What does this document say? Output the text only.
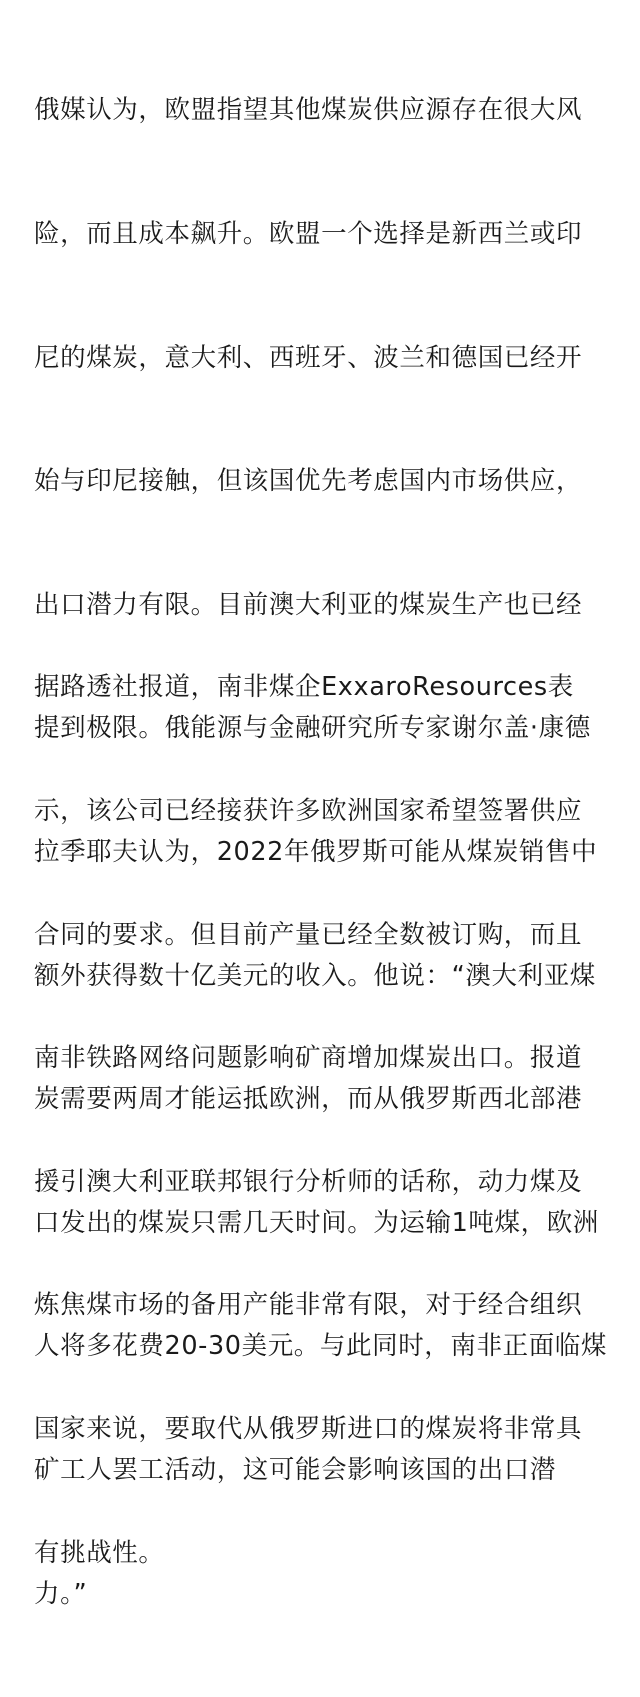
俄媒认为，欧盟指望其他煤炭供应源存在很大风

险，而且成本飙升。欧盟一个选择是新西兰或印

尼的煤炭，意大利、西班牙、波兰和德国已经开

始与印尼接触，但该国优先考虑国内市场供应，

出口潜力有限。目前澳大利亚的煤炭生产也已经

提到极限。俄能源与金融研究所专家谢尔盖·康德

拉季耶夫认为，2022年俄罗斯可能从煤炭销售中

额外获得数十亿美元的收入。他说：“澳大利亚煤

炭需要两周才能运抵欧洲，而从俄罗斯西北部港

口发出的煤炭只需几天时间。为运输1吨煤，欧洲

人将多花费20-30美元。与此同时，南非正面临煤

矿工人罢工活动，这可能会影响该国的出口潜

力。”

据路透社报道，南非煤企ExxaroResources表

示，该公司已经接获许多欧洲国家希望签署供应

合同的要求。但目前产量已经全数被订购，而且

南非铁路网络问题影响矿商增加煤炭出口。报道

援引澳大利亚联邦银行分析师的话称，动力煤及

炼焦煤市场的备用产能非常有限，对于经合组织

国家来说，要取代从俄罗斯进口的煤炭将非常具

有挑战性。
